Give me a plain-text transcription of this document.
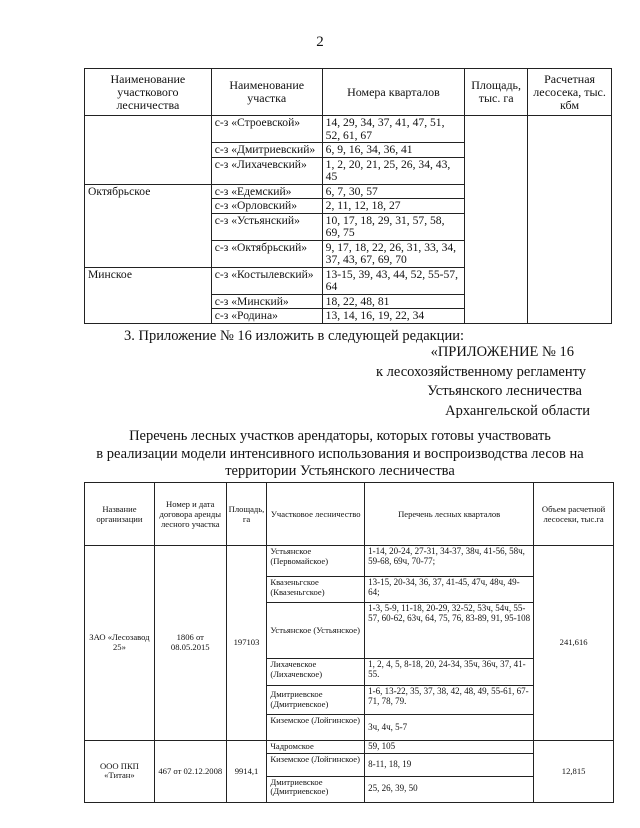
2
Наименование участкового лесничества	Наименование участка	Номера кварталов	Площадь, тыс. га	Расчетная лесосека, тыс. кбм
	с-з «Строевской»	14, 29, 34, 37, 41, 47, 51, 52, 61, 67		
	с-з «Дмитриевский»	6, 9, 16, 34, 36, 41		
	с-з «Лихачевский»	1, 2, 20, 21, 25, 26, 34, 43, 45		
Октябрьское	с-з «Едемский»	6, 7, 30, 57		
	с-з «Орловский»	2, 11, 12, 18, 27		
	с-з «Устьянский»	10, 17, 18, 29, 31, 57, 58, 69, 75		
	с-з «Октябрьский»	9, 17, 18, 22, 26, 31, 33, 34, 37, 43, 67, 69, 70		
Минское	с-з «Костылевский»	13-15, 39, 43, 44, 52, 55-57, 64		
	с-з «Минский»	18, 22, 48, 81		
	с-з «Родина»	13, 14, 16, 19, 22, 34		
3. Приложение № 16 изложить в следующей редакции:
«ПРИЛОЖЕНИЕ № 16
к лесохозяйственному регламенту
Устьянского лесничества
Архангельской области
Перечень лесных участков арендаторы, которых готовы участвовать
в реализации модели интенсивного использования и воспроизводства лесов на
территории Устьянского лесничества
Название организации	Номер и дата договора аренды лесного участка	Площадь, га	Участковое лесничество	Перечень лесных кварталов	Объем расчетной лесосеки, тыс.га
ЗАО «Лесозавод 25»	1806 от 08.05.2015	197103	Устьянское (Первомайское)	1-14, 20-24, 27-31, 34-37, 38ч, 41-56, 58ч, 59-68, 69ч, 70-77;	241,616
			Квазеньгское (Квазеньгское)	13-15, 20-34, 36, 37, 41-45, 47ч, 48ч, 49-64;	
			Устьянское (Устьянское)	1-3, 5-9, 11-18, 20-29, 32-52, 53ч, 54ч, 55-57, 60-62, 63ч, 64, 75, 76, 83-89, 91, 95-108	
			Лихачевское (Лихачевское)	1, 2, 4, 5, 8-18, 20, 24-34, 35ч, 36ч, 37, 41-55.	
			Дмитриевское (Дмитриевское)	1-6, 13-22, 35, 37, 38, 42, 48, 49, 55-61, 67-71, 78, 79.	
			Киземское (Лойгинское)	3ч, 4ч, 5-7	
ООО ПКП «Титан»	467 от 02.12.2008	9914,1	Чадромское	59, 105	12,815
			Киземское (Лойгинское)	8-11, 18, 19	
			Дмитриевское (Дмитриевское)	25, 26, 39, 50	
